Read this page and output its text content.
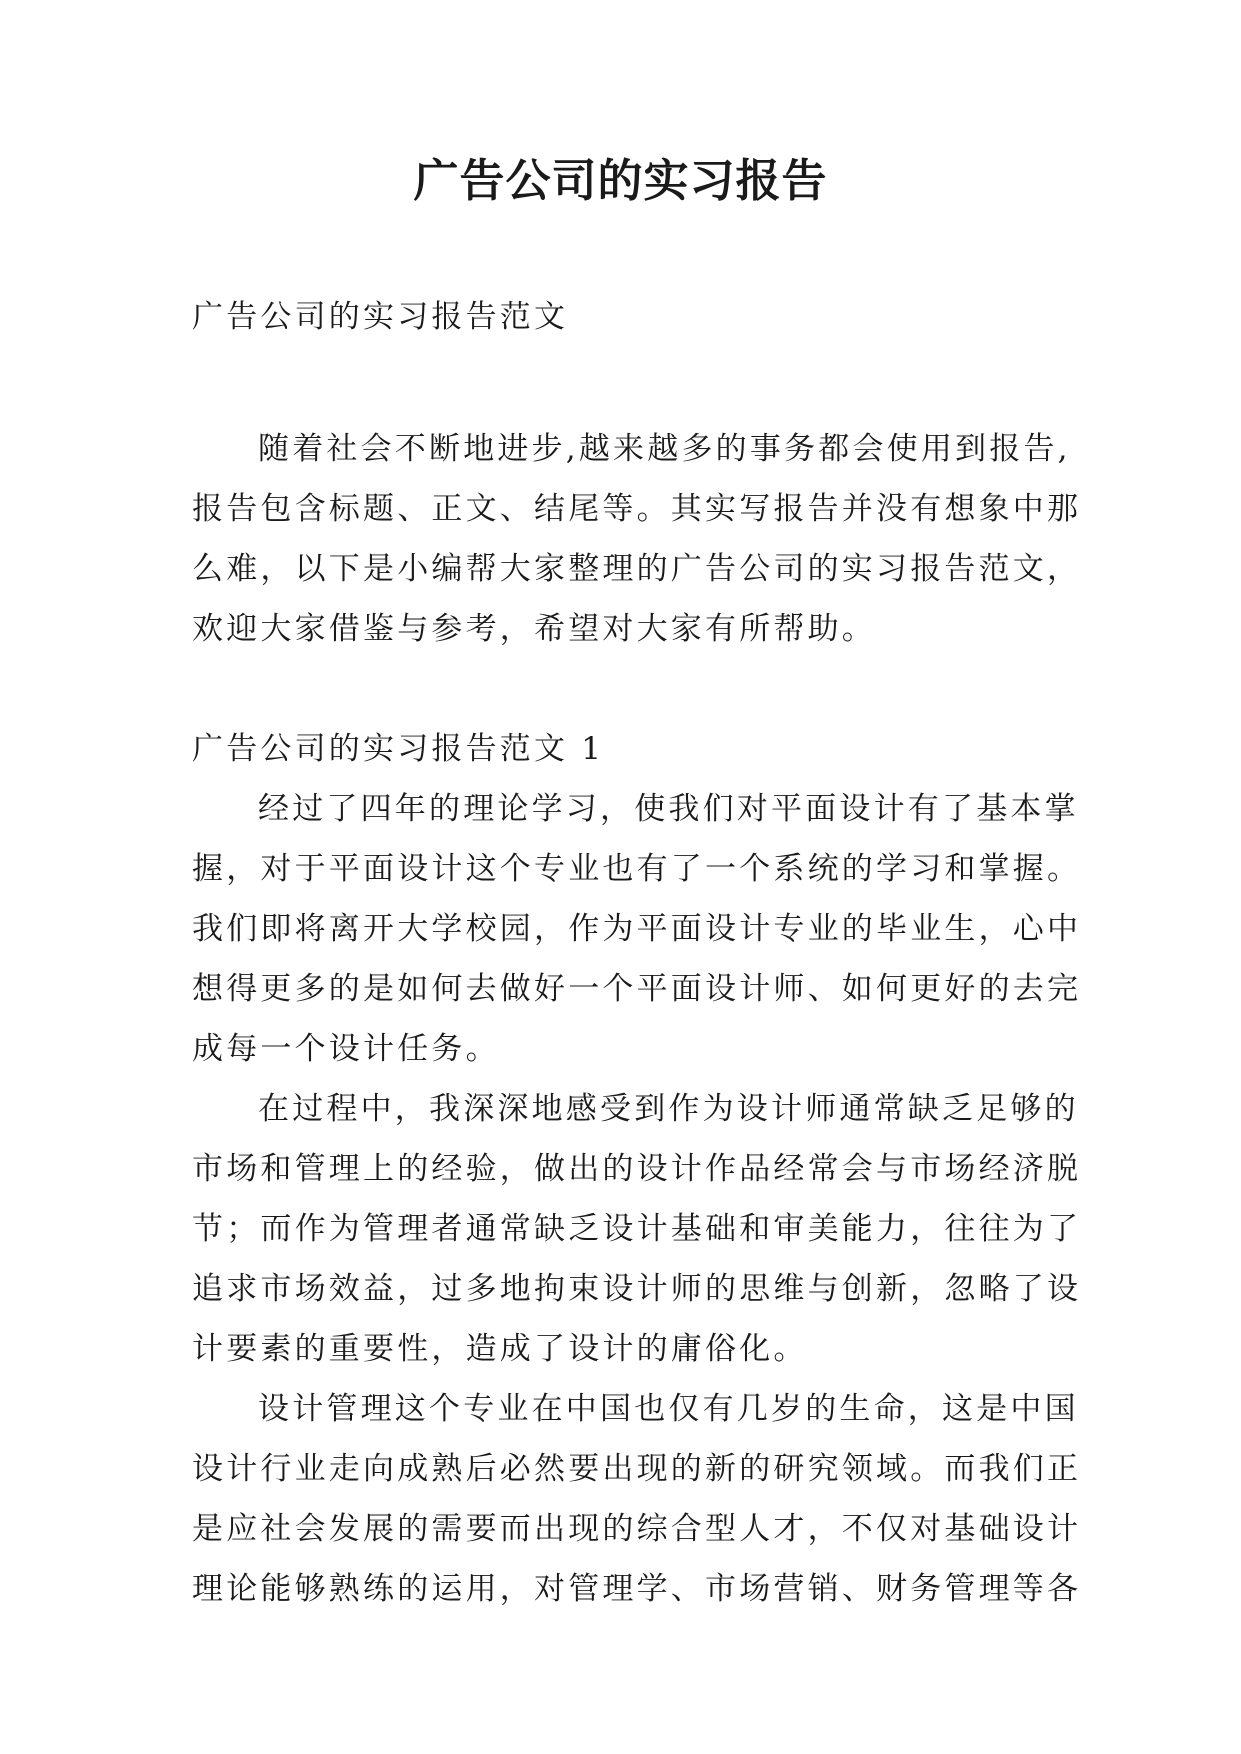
广告公司的实习报告
广告公司的实习报告范文
随着社会不断地进步,越来越多的事务都会使用到报告,
报告包含标题、正文、结尾等。其实写报告并没有想象中那
么难，以下是小编帮大家整理的广告公司的实习报告范文，
欢迎大家借鉴与参考，希望对大家有所帮助。
广告公司的实习报告范文 1
经过了四年的理论学习，使我们对平面设计有了基本掌
握，对于平面设计这个专业也有了一个系统的学习和掌握。
我们即将离开大学校园，作为平面设计专业的毕业生，心中
想得更多的是如何去做好一个平面设计师、如何更好的去完
成每一个设计任务。
在过程中，我深深地感受到作为设计师通常缺乏足够的
市场和管理上的经验，做出的设计作品经常会与市场经济脱
节；而作为管理者通常缺乏设计基础和审美能力，往往为了
追求市场效益，过多地拘束设计师的思维与创新，忽略了设
计要素的重要性，造成了设计的庸俗化。
设计管理这个专业在中国也仅有几岁的生命，这是中国
设计行业走向成熟后必然要出现的新的研究领域。而我们正
是应社会发展的需要而出现的综合型人才，不仅对基础设计
理论能够熟练的运用，对管理学、市场营销、财务管理等各
